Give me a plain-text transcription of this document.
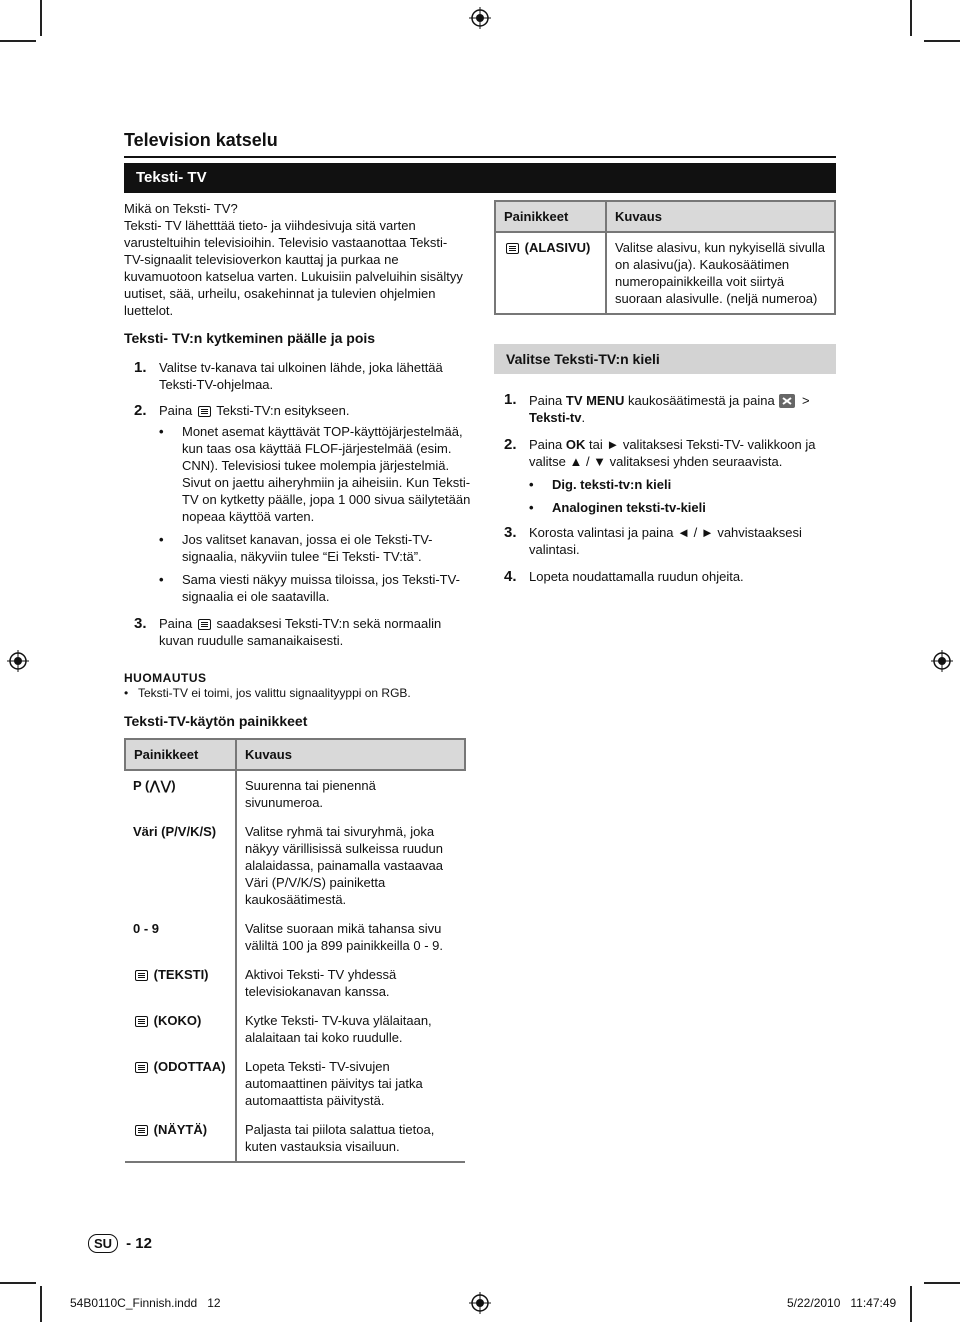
Television katselu
Teksti- TV
Mikä on Teksti- TV?
Teksti- TV lähetttää tieto- ja viihdesivuja sitä varten varusteltuihin televisioihin. Televisio vastaanottaa Teksti- TV-signaalit televisioverkon kauttaj ja purkaa ne kuvamuotoon katselua varten. Lukuisiin palveluihin sisältyy uutiset, sää, urheilu, osakehinnat ja tulevien ohjelmien luettelot.
Teksti- TV:n kytkeminen päälle ja pois
1. Valitse tv-kanava tai ulkoinen lähde, joka lähettää Teksti-TV-ohjelmaa.
2. Paina Teksti-TV:n esitykseen.
• Monet asemat käyttävät TOP-käyttöjärjestelmää, kun taas osa käyttää FLOF-järjestelmää (esim. CNN). Televisiosi tukee molempia järjestelmiä. Sivut on jaettu aiheryhmiin ja aiheisiin. Kun Teksti- TV on kytketty päälle, jopa 1 000 sivua säilytetään nopeaa käyttöä varten.
• Jos valitset kanavan, jossa ei ole Teksti-TV-signaalia, näkyviin tulee “Ei Teksti- TV:tä”.
• Sama viesti näkyy muissa tiloissa, jos Teksti-TV-signaalia ei ole saatavilla.
3. Paina saadaksesi Teksti-TV:n sekä normaalin kuvan ruudulle samanaikaisesti.
HUOMAUTUS
• Teksti-TV ei toimi, jos valittu signaalityyppi on RGB.
Teksti-TV-käytön painikkeet
Painikkeet	Kuvaus
P (⋀⋁)	Suurenna tai pienennä sivunumeroa.
Väri (P/V/K/S)	Valitse ryhmä tai sivuryhmä, joka näkyy värillisissä sulkeissa ruudun alalaidassa, painamalla vastaavaa Väri (P/V/K/S) painiketta kaukosäätimestä.
0 - 9	Valitse suoraan mikä tahansa sivu väliltä 100 ja 899 painikkeilla 0 - 9.
(TEKSTI)	Aktivoi Teksti- TV yhdessä televisiokanavan kanssa.
(KOKO)	Kytke Teksti- TV-kuva ylälaitaan, alalaitaan tai koko ruudulle.
(ODOTTAA)	Lopeta Teksti- TV-sivujen automaattinen päivitys tai jatka automaattista päivitystä.
(NÄYTÄ)	Paljasta tai piilota salattua tietoa, kuten vastauksia visailuun.
Painikkeet	Kuvaus
(ALASIVU)	Valitse alasivu, kun nykyisellä sivulla on alasivu(ja). Kaukosäätimen numeropainikkeilla voit siirtyä suoraan alasivulle. (neljä numeroa)
Valitse Teksti-TV:n kieli
1. Paina TV MENU kaukosäätimestä ja paina > Teksti-tv.
2. Paina OK tai ► valitaksesi Teksti-TV- valikkoon ja valitse ▲ / ▼ valitaksesi yhden seuraavista.
• Dig. teksti-tv:n kieli
• Analoginen teksti-tv-kieli
3. Korosta valintasi ja paina ◄ / ► vahvistaaksesi valintasi.
4. Lopeta noudattamalla ruudun ohjeita.
SU - 12
54B0110C_Finnish.indd   12	5/22/2010   11:47:49
